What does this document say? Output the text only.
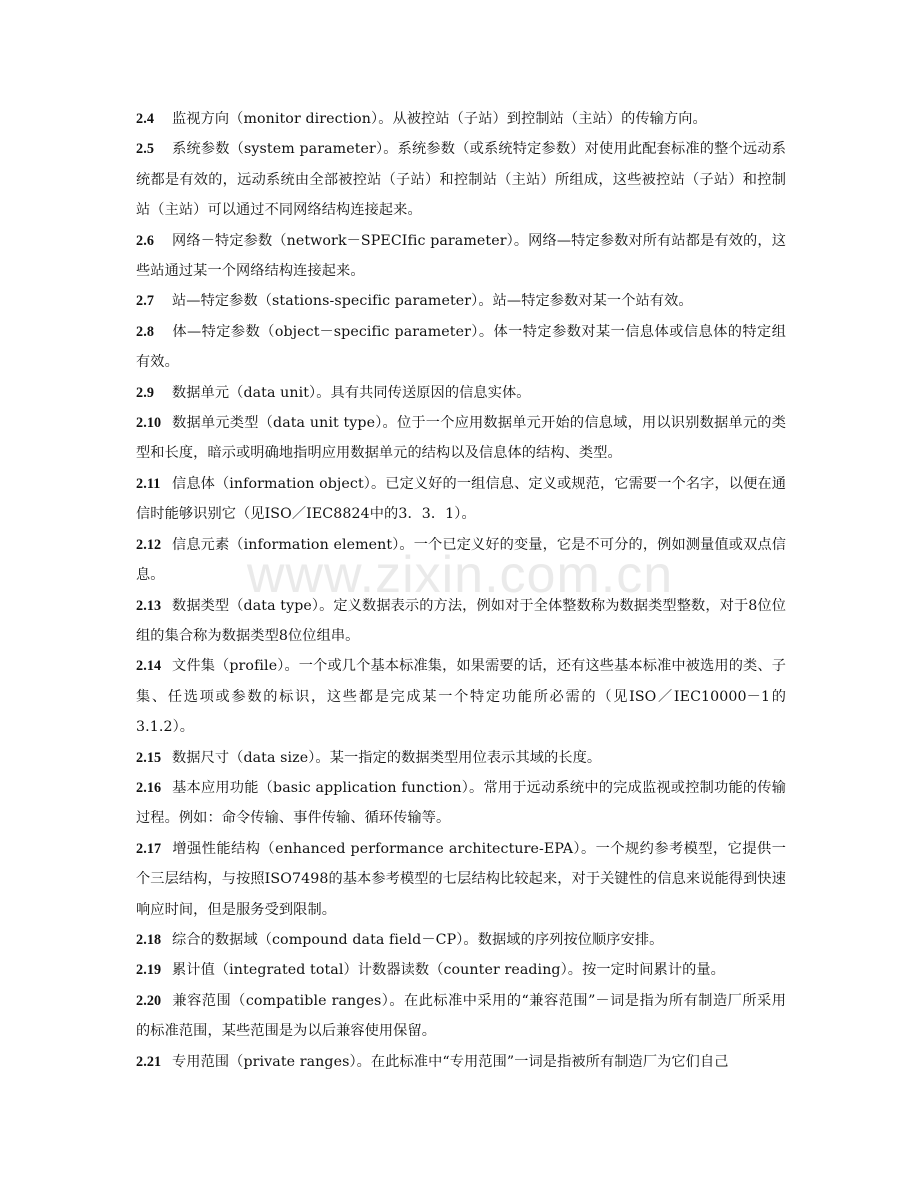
www.zixin.com.cn

2.4 监视方向（monitor direction）。从被控站（子站）到控制站（主站）的传输方向。

2.5 系统参数（system parameter）。系统参数（或系统特定参数）对使用此配套标准的整个远动系统都是有效的，远动系统由全部被控站（子站）和控制站（主站）所组成，这些被控站（子站）和控制站（主站）可以通过不同网络结构连接起来。

2.6 网络－特定参数（network－SPECIfic parameter）。网络—特定参数对所有站都是有效的，这些站通过某一个网络结构连接起来。

2.7 站—特定参数（stations-specific parameter）。站—特定参数对某一个站有效。

2.8 体—特定参数（object－specific parameter）。体一特定参数对某一信息体或信息体的特定组有效。

2.9 数据单元（data unit）。具有共同传送原因的信息实体。

2.10 数据单元类型（data unit type）。位于一个应用数据单元开始的信息域，用以识别数据单元的类型和长度，暗示或明确地指明应用数据单元的结构以及信息体的结构、类型。

2.11 信息体（information object）。已定义好的一组信息、定义或规范，它需要一个名字，以便在通信时能够识别它（见ISO／IEC8824中的3．3．1）。

2.12 信息元素（information element）。一个已定义好的变量，它是不可分的，例如测量值或双点信息。

2.13 数据类型（data type）。定义数据表示的方法，例如对于全体整数称为数据类型整数，对于8位位组的集合称为数据类型8位位组串。

2.14 文件集（profile）。一个或几个基本标准集，如果需要的话，还有这些基本标准中被选用的类、子集、任选项或参数的标识，这些都是完成某一个特定功能所必需的（见ISO／IEC10000－1的3.1.2）。

2.15 数据尺寸（data size）。某一指定的数据类型用位表示其域的长度。

2.16 基本应用功能（basic application function）。常用于远动系统中的完成监视或控制功能的传输过程。例如：命令传输、事件传输、循环传输等。

2.17 增强性能结构（enhanced performance architecture-EPA）。一个规约参考模型，它提供一个三层结构，与按照ISO7498的基本参考模型的七层结构比较起来，对于关键性的信息来说能得到快速响应时间，但是服务受到限制。

2.18 综合的数据域（compound data field－CP）。数据域的序列按位顺序安排。

2.19 累计值（integrated total）计数器读数（counter reading）。按一定时间累计的量。

2.20 兼容范围（compatible ranges）。在此标准中采用的“兼容范围”－词是指为所有制造厂所采用的标准范围，某些范围是为以后兼容使用保留。

2.21 专用范围（private ranges）。在此标准中“专用范围”一词是指被所有制造厂为它们自己
